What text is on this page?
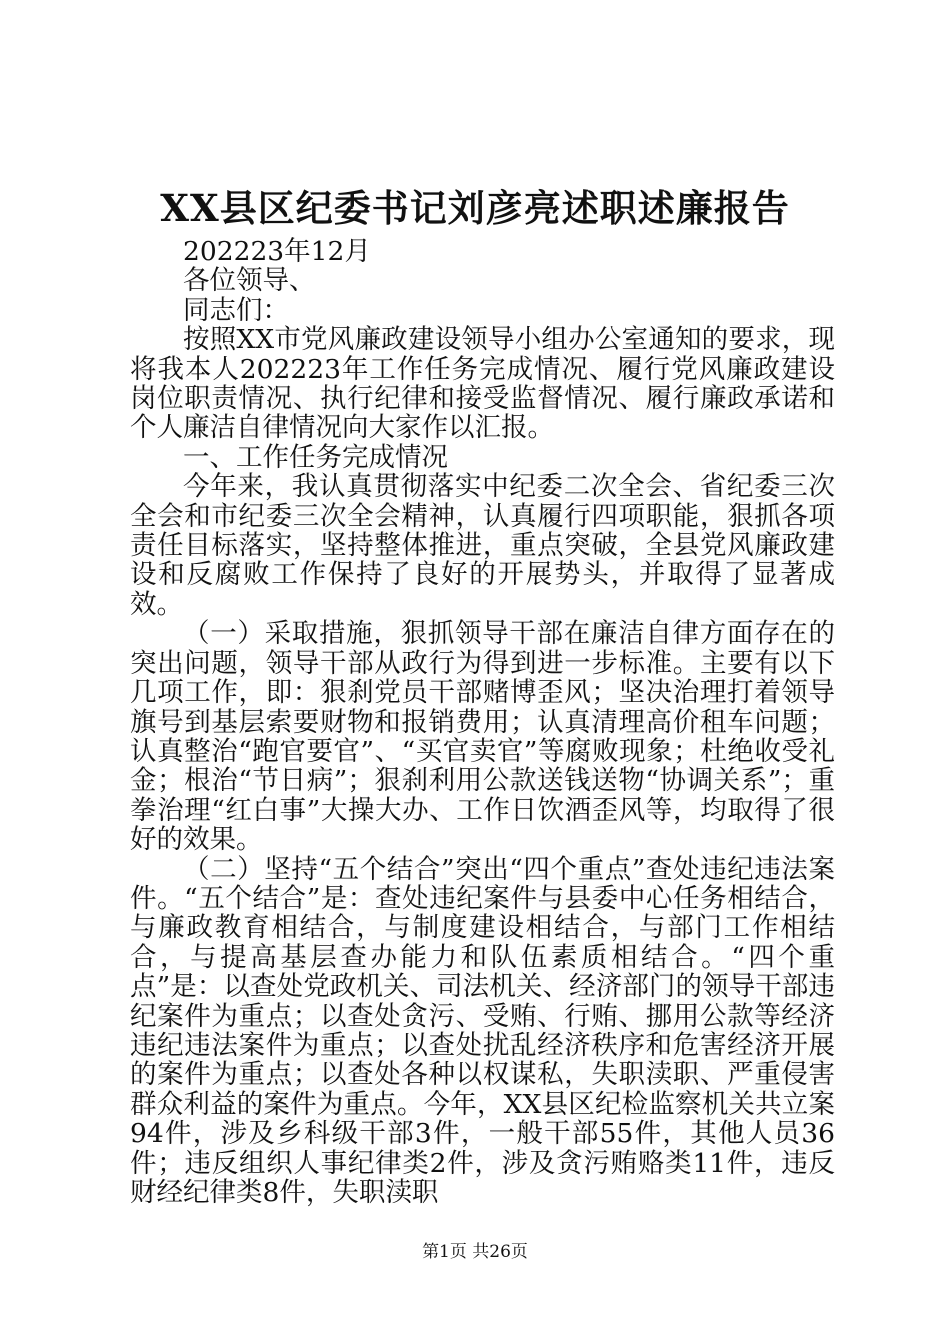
XX县区纪委书记刘彦亮述职述廉报告

202223年12月

各位领导、

同志们：

按照XX市党风廉政建设领导小组办公室通知的要求，现将我本人202223年工作任务完成情况、履行党风廉政建设岗位职责情况、执行纪律和接受监督情况、履行廉政承诺和个人廉洁自律情况向大家作以汇报。

一、工作任务完成情况

今年来，我认真贯彻落实中纪委二次全会、省纪委三次全会和市纪委三次全会精神，认真履行四项职能，狠抓各项责任目标落实，坚持整体推进，重点突破，全县党风廉政建设和反腐败工作保持了良好的开展势头，并取得了显著成效。

（一）采取措施，狠抓领导干部在廉洁自律方面存在的突出问题，领导干部从政行为得到进一步标准。主要有以下几项工作，即：狠刹党员干部赌博歪风；坚决治理打着领导旗号到基层索要财物和报销费用；认真清理高价租车问题；认真整治“跑官要官”、“买官卖官”等腐败现象；杜绝收受礼金；根治“节日病”；狠刹利用公款送钱送物“协调关系”；重拳治理“红白事”大操大办、工作日饮酒歪风等，均取得了很好的效果。

（二）坚持“五个结合”突出“四个重点”查处违纪违法案件。“五个结合”是：查处违纪案件与县委中心任务相结合，与廉政教育相结合，与制度建设相结合，与部门工作相结合，与提高基层查办能力和队伍素质相结合。“四个重点”是：以查处党政机关、司法机关、经济部门的领导干部违纪案件为重点；以查处贪污、受贿、行贿、挪用公款等经济违纪违法案件为重点；以查处扰乱经济秩序和危害经济开展的案件为重点；以查处各种以权谋私，失职渎职、严重侵害群众利益的案件为重点。今年，XX县区纪检监察机关共立案94件，涉及乡科级干部3件，一般干部55件，其他人员36件；违反组织人事纪律类2件，涉及贪污贿赂类11件，违反财经纪律类8件，失职渎职

第1页 共26页
